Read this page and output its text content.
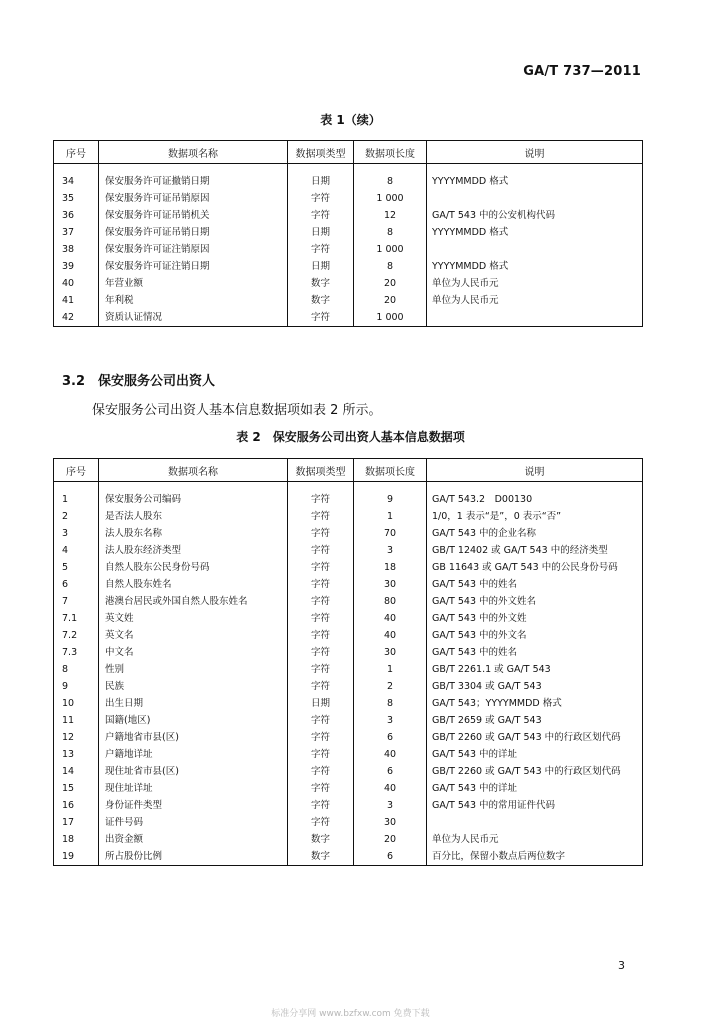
GA/T 737—2011
表 1（续）
序号	数据项名称	数据项类型	数据项长度	说明

34	保安服务许可证撤销日期	日期	8	YYYYMMDD 格式
35	保安服务许可证吊销原因	字符	1 000	
36	保安服务许可证吊销机关	字符	12	GA/T 543 中的公安机构代码
37	保安服务许可证吊销日期	日期	8	YYYYMMDD 格式
38	保安服务许可证注销原因	字符	1 000	
39	保安服务许可证注销日期	日期	8	YYYYMMDD 格式
40	年营业额	数字	20	单位为人民币元
41	年利税	数字	20	单位为人民币元
42	资质认证情况	字符	1 000	
3.2　保安服务公司出资人
保安服务公司出资人基本信息数据项如表 2 所示。
表 2　保安服务公司出资人基本信息数据项
序号	数据项名称	数据项类型	数据项长度	说明

1	保安服务公司编码	字符	9	GA/T 543.2　D00130
2	是否法人股东	字符	1	1/0，1 表示“是”，0 表示“否”
3	法人股东名称	字符	70	GA/T 543 中的企业名称
4	法人股东经济类型	字符	3	GB/T 12402 或 GA/T 543 中的经济类型
5	自然人股东公民身份号码	字符	18	GB 11643 或 GA/T 543 中的公民身份号码
6	自然人股东姓名	字符	30	GA/T 543 中的姓名
7	港澳台居民或外国自然人股东姓名	字符	80	GA/T 543 中的外文姓名
7.1	英文姓	字符	40	GA/T 543 中的外文姓
7.2	英文名	字符	40	GA/T 543 中的外文名
7.3	中文名	字符	30	GA/T 543 中的姓名
8	性别	字符	1	GB/T 2261.1 或 GA/T 543
9	民族	字符	2	GB/T 3304 或 GA/T 543
10	出生日期	日期	8	GA/T 543；YYYYMMDD 格式
11	国籍(地区)	字符	3	GB/T 2659 或 GA/T 543
12	户籍地省市县(区)	字符	6	GB/T 2260 或 GA/T 543 中的行政区划代码
13	户籍地详址	字符	40	GA/T 543 中的详址
14	现住址省市县(区)	字符	6	GB/T 2260 或 GA/T 543 中的行政区划代码
15	现住址详址	字符	40	GA/T 543 中的详址
16	身份证件类型	字符	3	GA/T 543 中的常用证件代码
17	证件号码	字符	30	
18	出资金额	数字	20	单位为人民币元
19	所占股份比例	数字	6	百分比，保留小数点后两位数字
3
标准分享网 www.bzfxw.com 免费下载
